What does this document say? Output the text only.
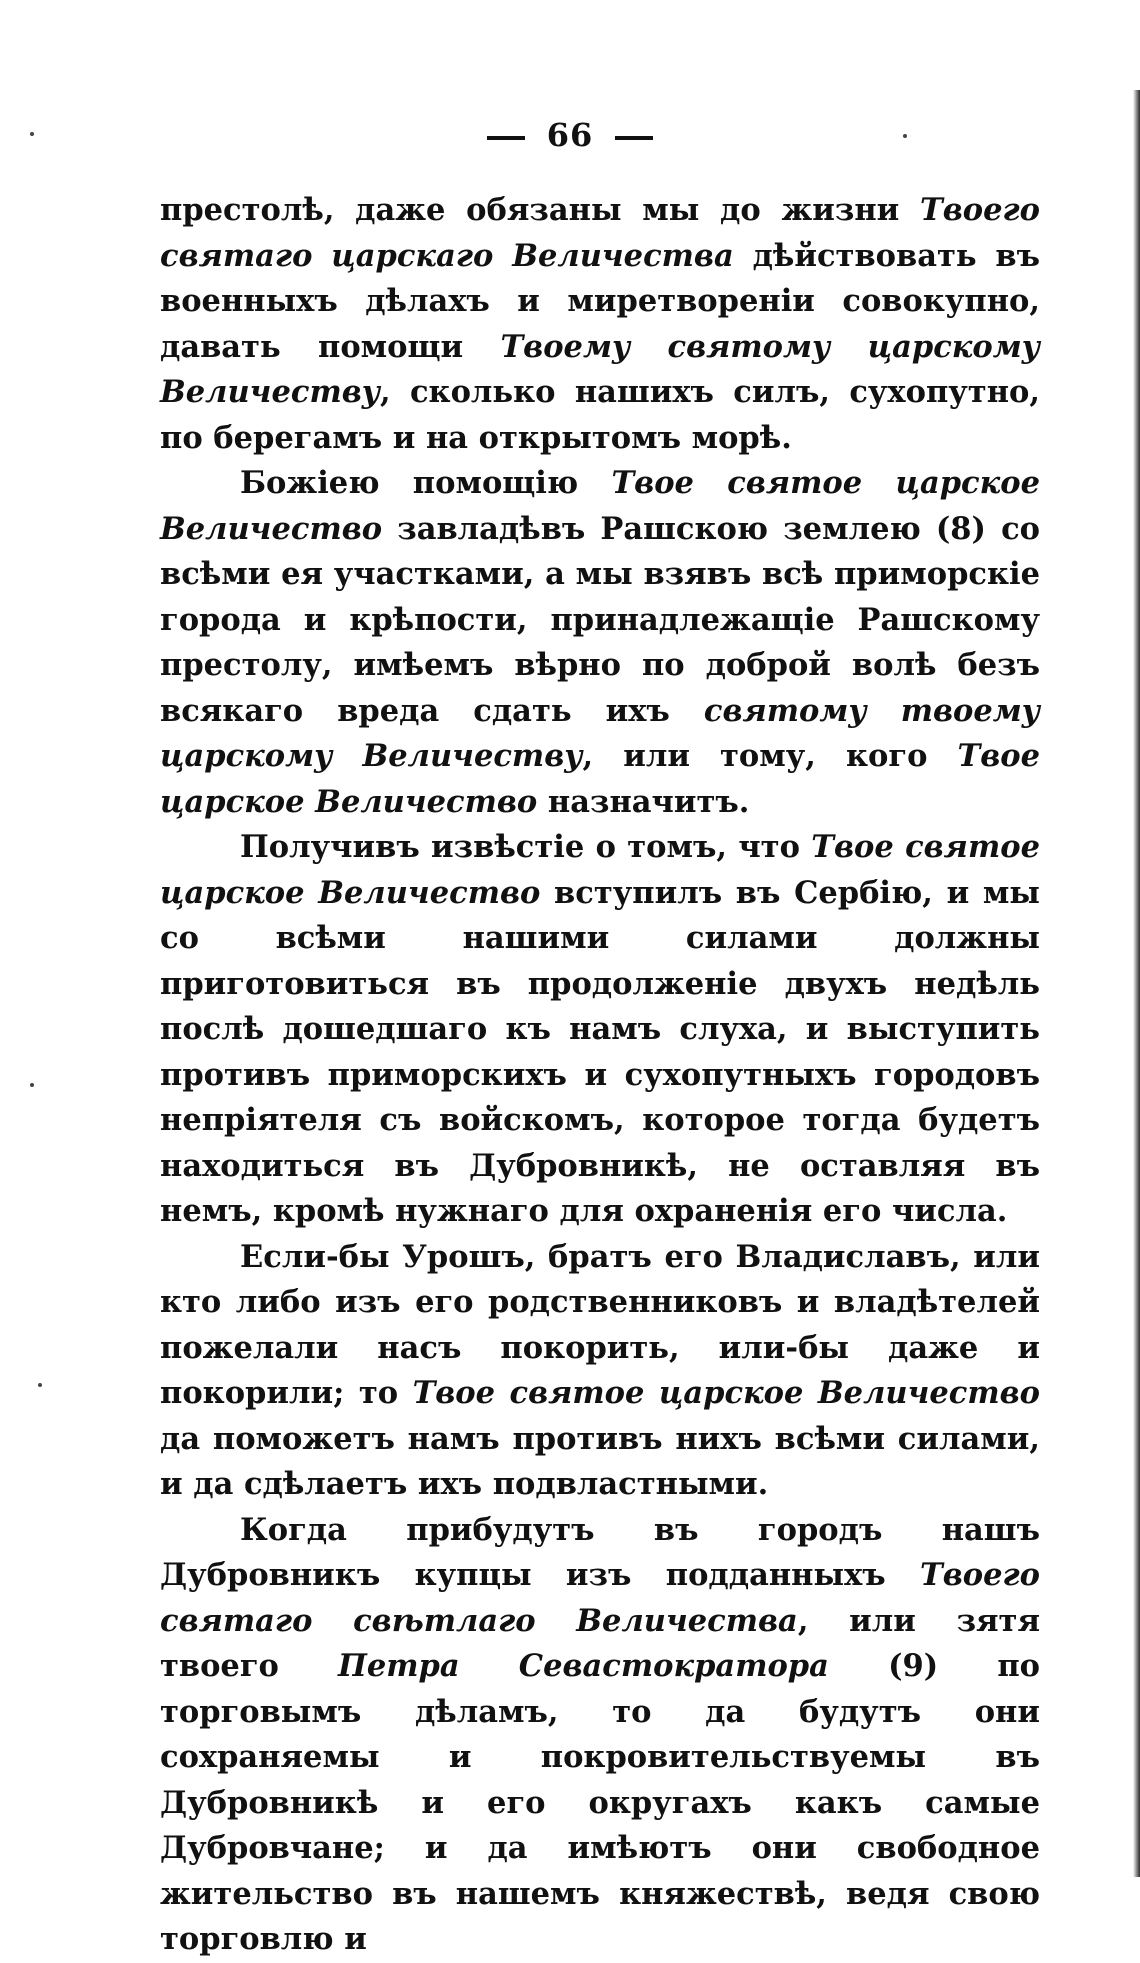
66

престолѣ, даже обязаны мы до жизни Твоего святаго царскаго Величества дѣйствовать въ военныхъ дѣлахъ и миретвореніи совокупно, давать помощи Твоему святому царскому Величеству, сколько нашихъ силъ, сухопутно, по берегамъ и на открытомъ морѣ.

Божіею помощію Твое святое царское Величество завладѣвъ Рашскою землею (8) со всѣми ея участками, а мы взявъ всѣ приморскіе города и крѣпости, принадлежащіе Рашскому престолу, имѣемъ вѣрно по доброй волѣ безъ всякаго вреда сдать ихъ святому твоему царскому Величеству, или тому, кого Твое царское Величество назначитъ.

Получивъ извѣстіе о томъ, что Твое святое царское Величество вступилъ въ Сербію, и мы со всѣми нашими силами должны приготовиться въ продолженіе двухъ недѣль послѣ дошедшаго къ намъ слуха, и выступить противъ приморскихъ и сухопутныхъ городовъ непріятеля съ войскомъ, которое тогда будетъ находиться въ Дубровникѣ, не оставляя въ немъ, кромѣ нужнаго для охраненія его числа.

Если-бы Урошъ, братъ его Владиславъ, или кто либо изъ его родственниковъ и владѣтелей пожелали насъ покорить, или-бы даже и покорили; то Твое святое царское Величество да поможетъ намъ противъ нихъ всѣми силами, и да сдѣлаетъ ихъ подвластными.

Когда прибудутъ въ городъ нашъ Дубровникъ купцы изъ подданныхъ Твоего святаго свѣтлаго Величества, или зятя твоего Петра Севастократора (9) по торговымъ дѣламъ, то да будутъ они сохраняемы и покровительствуемы въ Дубровникѣ и его округахъ какъ самые Дубровчане; и да имѣютъ они свободное жительство въ нашемъ княжествѣ, ведя свою торговлю и
